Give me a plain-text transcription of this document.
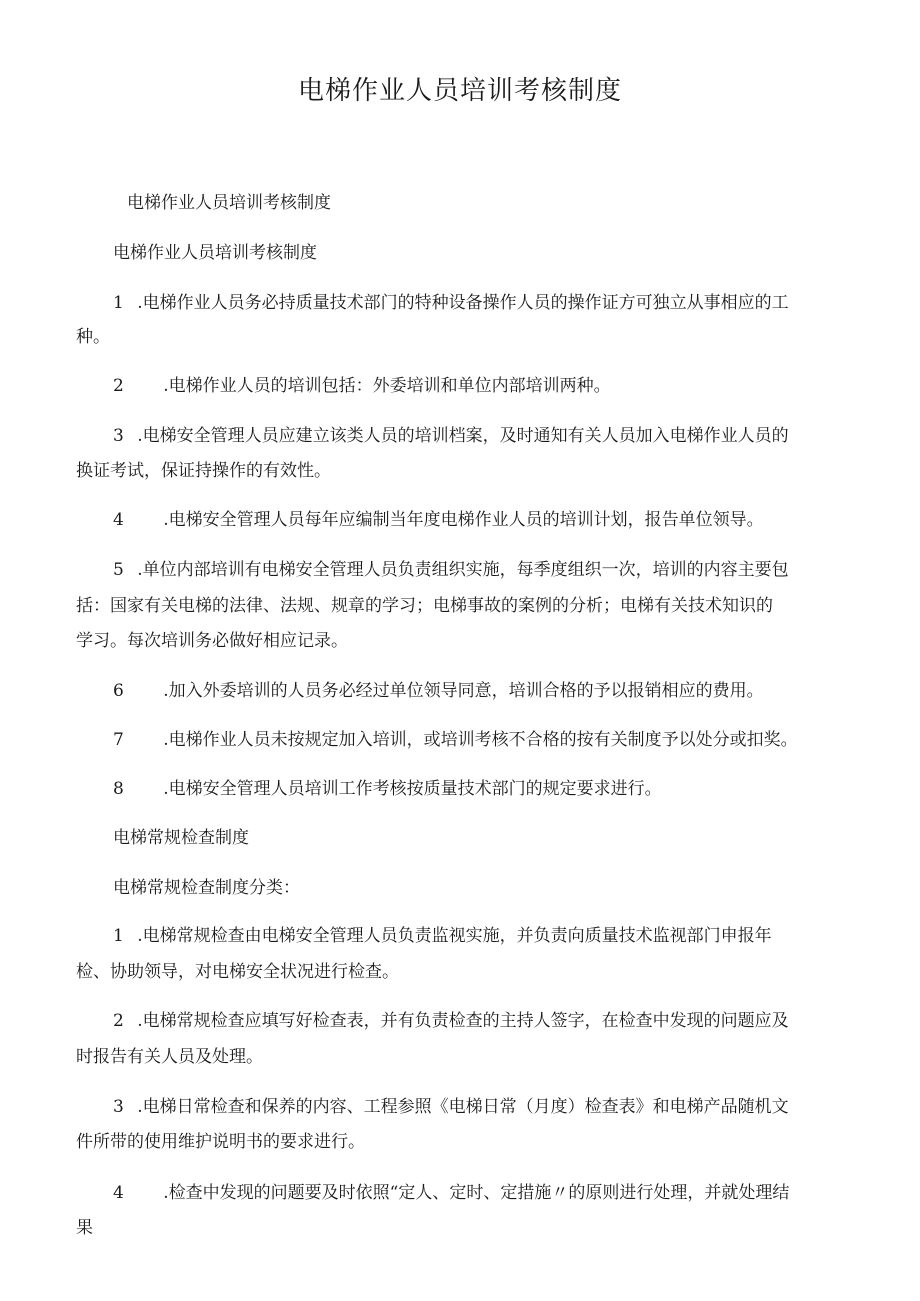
电梯作业人员培训考核制度
电梯作业人员培训考核制度
电梯作业人员培训考核制度
1 .电梯作业人员务必持质量技术部门的特种设备操作人员的操作证方可独立从事相应的工
种。
2 .电梯作业人员的培训包括：外委培训和单位内部培训两种。
3 .电梯安全管理人员应建立该类人员的培训档案，及时通知有关人员加入电梯作业人员的
换证考试，保证持操作的有效性。
4 .电梯安全管理人员每年应编制当年度电梯作业人员的培训计划，报告单位领导。
5 .单位内部培训有电梯安全管理人员负责组织实施，每季度组织一次，培训的内容主要包
括：国家有关电梯的法律、法规、规章的学习；电梯事故的案例的分析；电梯有关技术知识的
学习。每次培训务必做好相应记录。
6 .加入外委培训的人员务必经过单位领导同意，培训合格的予以报销相应的费用。
7 .电梯作业人员未按规定加入培训，或培训考核不合格的按有关制度予以处分或扣奖。
8 .电梯安全管理人员培训工作考核按质量技术部门的规定要求进行。
电梯常规检查制度
电梯常规检查制度分类：
1 .电梯常规检查由电梯安全管理人员负责监视实施，并负责向质量技术监视部门申报年
检、协助领导，对电梯安全状况进行检查。
2 .电梯常规检查应填写好检查表，并有负责检查的主持人签字，在检查中发现的问题应及
时报告有关人员及处理。
3 .电梯日常检查和保养的内容、工程参照《电梯日常（月度）检查表》和电梯产品随机文
件所带的使用维护说明书的要求进行。
4 .检查中发现的问题要及时依照“定人、定时、定措施〃的原则进行处理，并就处理结
果
